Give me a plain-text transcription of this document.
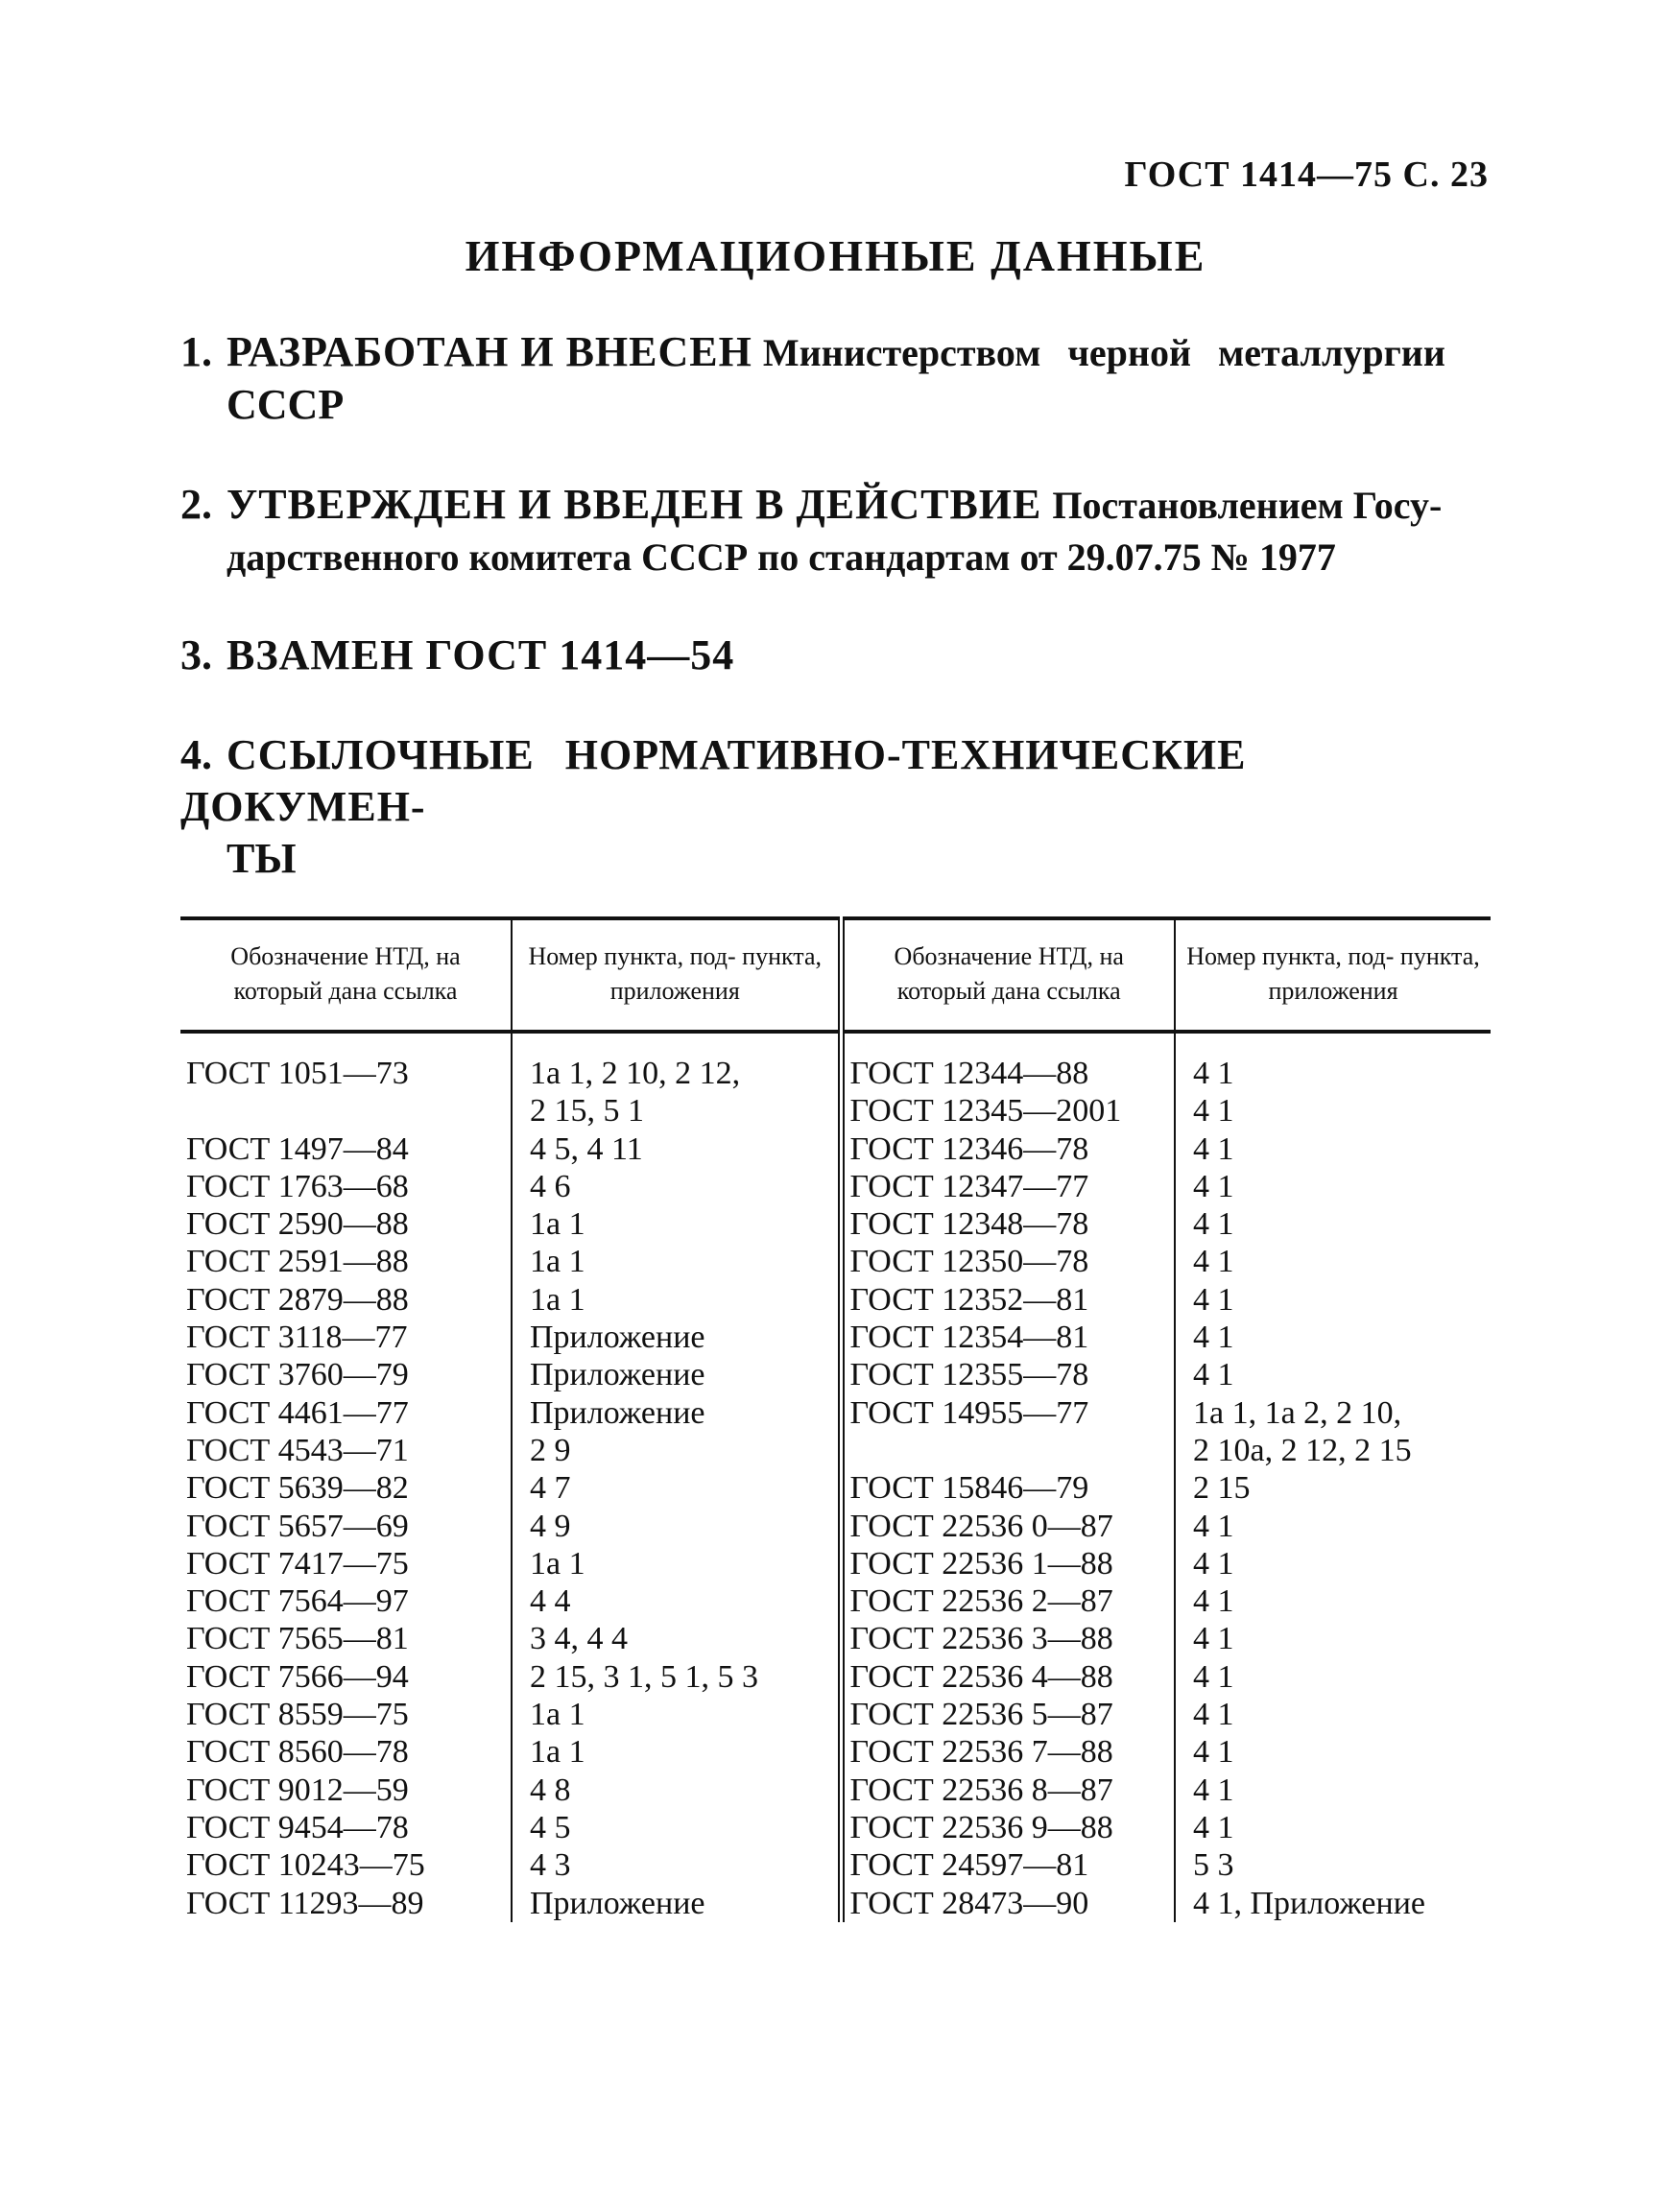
ГОСТ 1414—75 С. 23
ИНФОРМАЦИОННЫЕ ДАННЫЕ
1. РАЗРАБОТАН И ВНЕСЕН Министерством черной металлургии
СССР
2. УТВЕРЖДЕН И ВВЕДЕН В ДЕЙСТВИЕ Постановлением Госу-
дарственного комитета СССР по стандартам от 29.07.75 № 1977
3. ВЗАМЕН ГОСТ 1414—54
4. ССЫЛОЧНЫЕ НОРМАТИВНО-ТЕХНИЧЕСКИЕ ДОКУМЕН-
ТЫ
Обозначение НТД, на который дана ссылка	Номер пункта, под- пункта, приложения	Обозначение НТД, на который дана ссылка	Номер пункта, под- пункта, приложения
ГОСТ 1051—73	1а 1, 2 10, 2 12,	ГОСТ 12344—88	4 1
	2 15, 5 1	ГОСТ 12345—2001	4 1
ГОСТ 1497—84	4 5, 4 11	ГОСТ 12346—78	4 1
ГОСТ 1763—68	4 6	ГОСТ 12347—77	4 1
ГОСТ 2590—88	1а 1	ГОСТ 12348—78	4 1
ГОСТ 2591—88	1а 1	ГОСТ 12350—78	4 1
ГОСТ 2879—88	1а 1	ГОСТ 12352—81	4 1
ГОСТ 3118—77	Приложение	ГОСТ 12354—81	4 1
ГОСТ 3760—79	Приложение	ГОСТ 12355—78	4 1
ГОСТ 4461—77	Приложение	ГОСТ 14955—77	1а 1, 1а 2, 2 10,
ГОСТ 4543—71	2 9		2 10а, 2 12, 2 15
ГОСТ 5639—82	4 7	ГОСТ 15846—79	2 15
ГОСТ 5657—69	4 9	ГОСТ 22536 0—87	4 1
ГОСТ 7417—75	1а 1	ГОСТ 22536 1—88	4 1
ГОСТ 7564—97	4 4	ГОСТ 22536 2—87	4 1
ГОСТ 7565—81	3 4, 4 4	ГОСТ 22536 3—88	4 1
ГОСТ 7566—94	2 15, 3 1, 5 1, 5 3	ГОСТ 22536 4—88	4 1
ГОСТ 8559—75	1а 1	ГОСТ 22536 5—87	4 1
ГОСТ 8560—78	1а 1	ГОСТ 22536 7—88	4 1
ГОСТ 9012—59	4 8	ГОСТ 22536 8—87	4 1
ГОСТ 9454—78	4 5	ГОСТ 22536 9—88	4 1
ГОСТ 10243—75	4 3	ГОСТ 24597—81	5 3
ГОСТ 11293—89	Приложение	ГОСТ 28473—90	4 1, Приложение
